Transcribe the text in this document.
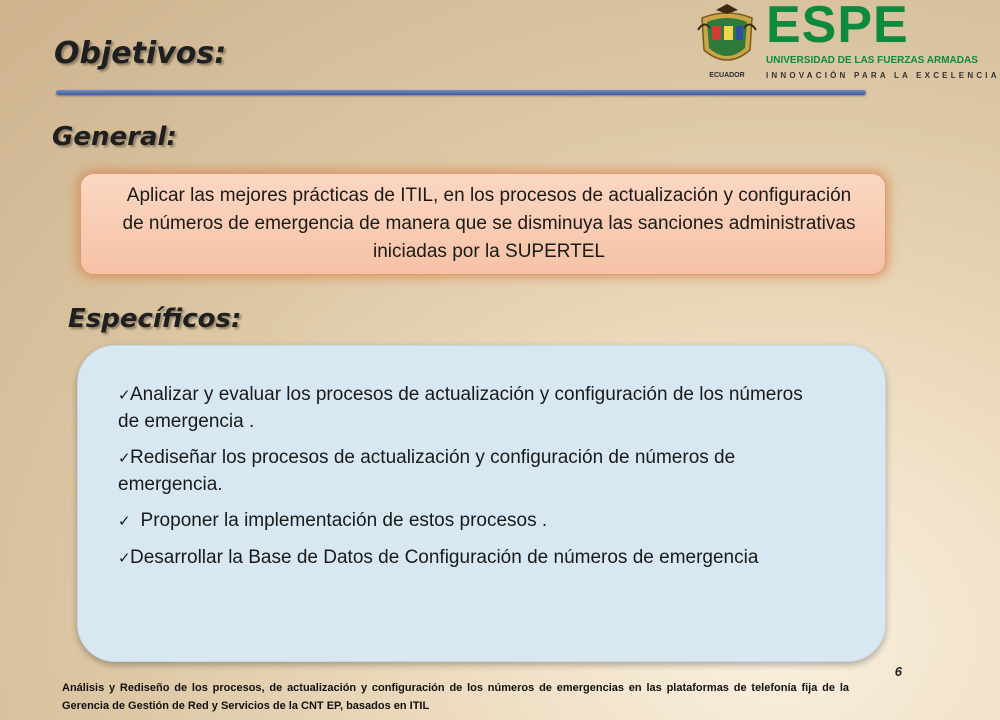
Objetivos:
ECUADOR

ESPE

UNIVERSIDAD DE LAS FUERZAS ARMADAS

INNOVACIÓN PARA LA EXCELENCIA

General:

Aplicar las mejores prácticas de ITIL, en los procesos de actualización y configuración de números de emergencia de manera que se disminuya las sanciones administrativas iniciadas por la SUPERTEL

Específicos:
✓Analizar y evaluar los procesos de actualización y configuración de los números de emergencia .
✓Rediseñar los procesos de actualización y configuración de números de emergencia.
✓  Proponer la implementación de estos procesos .
✓Desarrollar la Base de Datos de Configuración de números de emergencia
6

Análisis y Rediseño de los procesos, de actualización y configuración de los números de emergencias en las plataformas de telefonía fija de la Gerencia de Gestión de Red y Servicios de la CNT EP, basados en ITIL
